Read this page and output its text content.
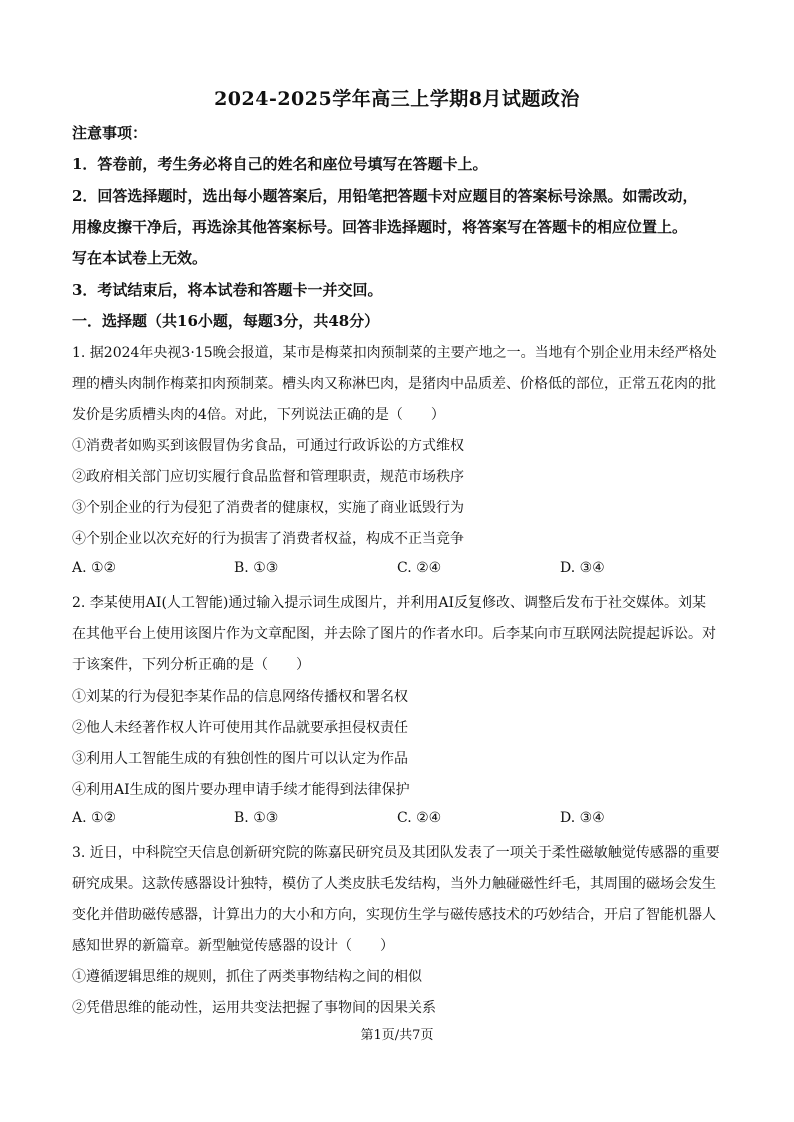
2024-2025学年高三上学期8月试题政治
注意事项：
1．答卷前，考生务必将自己的姓名和座位号填写在答题卡上。
2．回答选择题时，选出每小题答案后，用铅笔把答题卡对应题目的答案标号涂黑。如需改动，
用橡皮擦干净后，再选涂其他答案标号。回答非选择题时，将答案写在答题卡的相应位置上。
写在本试卷上无效。
3．考试结束后，将本试卷和答题卡一并交回。
一．选择题（共16小题，每题3分，共48分）
1. 据2024年央视3·15晚会报道，某市是梅菜扣肉预制菜的主要产地之一。当地有个别企业用未经严格处
理的槽头肉制作梅菜扣肉预制菜。槽头肉又称淋巴肉，是猪肉中品质差、价格低的部位，正常五花肉的批
发价是劣质槽头肉的4倍。对此，下列说法正确的是（　　）
①消费者如购买到该假冒伪劣食品，可通过行政诉讼的方式维权
②政府相关部门应切实履行食品监督和管理职责，规范市场秩序
③个别企业的行为侵犯了消费者的健康权，实施了商业诋毁行为
④个别企业以次充好的行为损害了消费者权益，构成不正当竞争
A. ①②	B. ①③	C. ②④	D. ③④
2. 李某使用AI(人工智能)通过输入提示词生成图片，并利用AI反复修改、调整后发布于社交媒体。刘某
在其他平台上使用该图片作为文章配图，并去除了图片的作者水印。后李某向市互联网法院提起诉讼。对
于该案件，下列分析正确的是（　　）
①刘某的行为侵犯李某作品的信息网络传播权和署名权
②他人未经著作权人许可使用其作品就要承担侵权责任
③利用人工智能生成的有独创性的图片可以认定为作品
④利用AI生成的图片要办理申请手续才能得到法律保护
A. ①②	B. ①③	C. ②④	D. ③④
3. 近日，中科院空天信息创新研究院的陈嘉民研究员及其团队发表了一项关于柔性磁敏触觉传感器的重要
研究成果。这款传感器设计独特，模仿了人类皮肤毛发结构，当外力触碰磁性纤毛，其周围的磁场会发生
变化并借助磁传感器，计算出力的大小和方向，实现仿生学与磁传感技术的巧妙结合，开启了智能机器人
感知世界的新篇章。新型触觉传感器的设计（　　）
①遵循逻辑思维的规则，抓住了两类事物结构之间的相似
②凭借思维的能动性，运用共变法把握了事物间的因果关系
第1页/共7页
